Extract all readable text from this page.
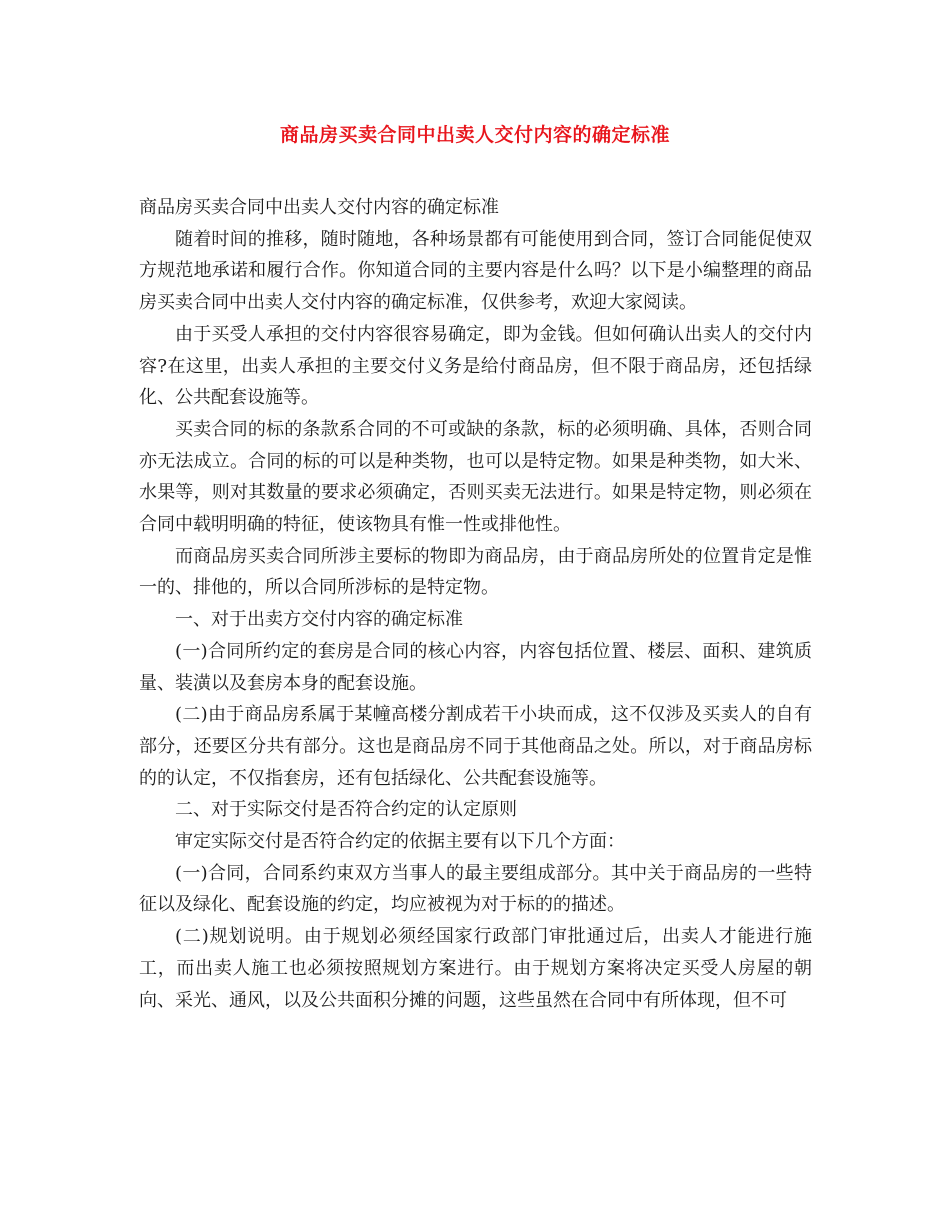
商品房买卖合同中出卖人交付内容的确定标准

商品房买卖合同中出卖人交付内容的确定标准

随着时间的推移，随时随地，各种场景都有可能使用到合同，签订合同能促使双方规范地承诺和履行合作。你知道合同的主要内容是什么吗？以下是小编整理的商品房买卖合同中出卖人交付内容的确定标准，仅供参考，欢迎大家阅读。

由于买受人承担的交付内容很容易确定，即为金钱。但如何确认出卖人的交付内容?在这里，出卖人承担的主要交付义务是给付商品房，但不限于商品房，还包括绿化、公共配套设施等。

买卖合同的标的条款系合同的不可或缺的条款，标的必须明确、具体，否则合同亦无法成立。合同的标的可以是种类物，也可以是特定物。如果是种类物，如大米、水果等，则对其数量的要求必须确定，否则买卖无法进行。如果是特定物，则必须在合同中载明明确的特征，使该物具有惟一性或排他性。

而商品房买卖合同所涉主要标的物即为商品房，由于商品房所处的位置肯定是惟一的、排他的，所以合同所涉标的是特定物。

一、对于出卖方交付内容的确定标准

(一)合同所约定的套房是合同的核心内容，内容包括位置、楼层、面积、建筑质量、装潢以及套房本身的配套设施。

(二)由于商品房系属于某幢高楼分割成若干小块而成，这不仅涉及买卖人的自有部分，还要区分共有部分。这也是商品房不同于其他商品之处。所以，对于商品房标的的认定，不仅指套房，还有包括绿化、公共配套设施等。

二、对于实际交付是否符合约定的认定原则

审定实际交付是否符合约定的依据主要有以下几个方面：

(一)合同，合同系约束双方当事人的最主要组成部分。其中关于商品房的一些特征以及绿化、配套设施的约定，均应被视为对于标的的描述。

(二)规划说明。由于规划必须经国家行政部门审批通过后，出卖人才能进行施工，而出卖人施工也必须按照规划方案进行。由于规划方案将决定买受人房屋的朝向、采光、通风，以及公共面积分摊的问题，这些虽然在合同中有所体现，但不可
